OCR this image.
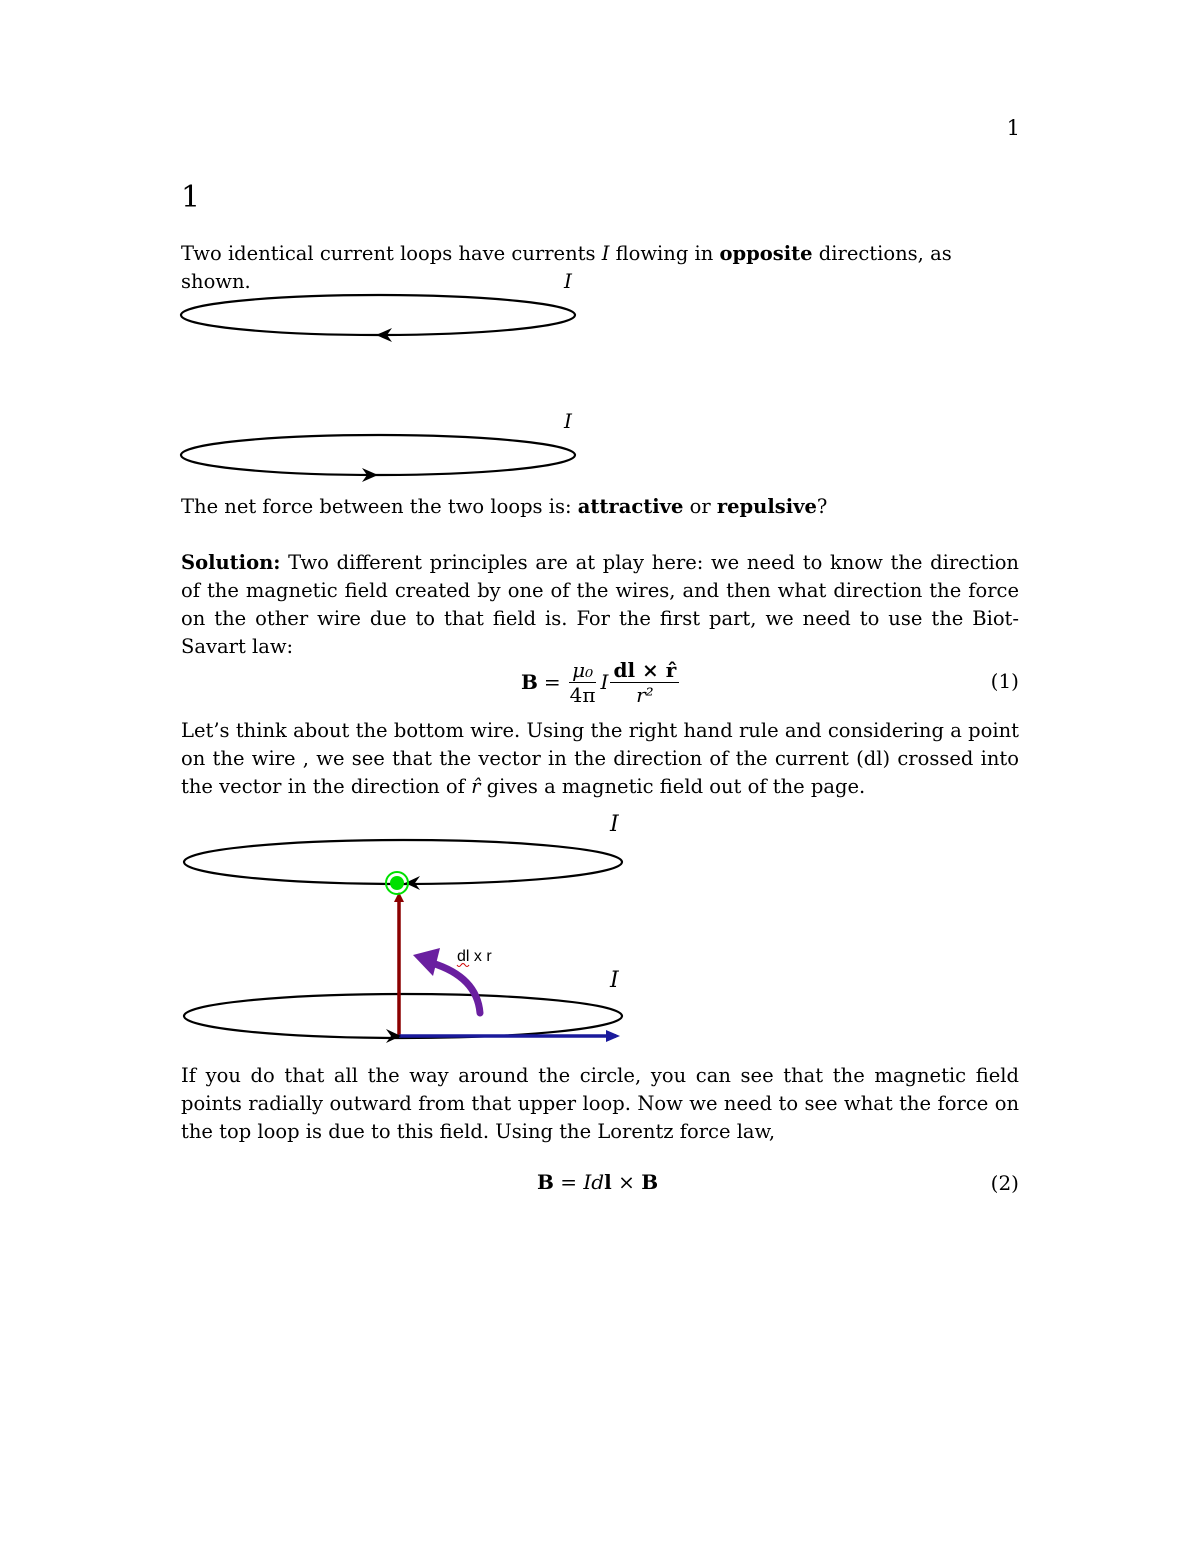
1
1
Two identical current loops have currents I flowing in opposite directions, as shown.	I
I
The net force between the two loops is: attractive or repulsive?
Solution: Two different principles are at play here: we need to know the direction of the magnetic field created by one of the wires, and then what direction the force on the other wire due to that field is. For the first part, we need to use the Biot-Savart law:
$B = \frac{\text{μ₀}}{4\pi}$ I $\frac{dl \times r̂}{\text{r²}}$	(1)
Let’s think about the bottom wire. Using the right hand rule and considering a point on the wire , we see that the vector in the direction of the current (dl) crossed into the vector in the direction of r̂ gives a magnetic field out of the page.
I
I
dl x r
If you do that all the way around the circle, you can see that the magnetic field points radially outward from that upper loop. Now we need to see what the force on the top loop is due to this field. Using the Lorentz force law,
B = Idl × B	(2)
